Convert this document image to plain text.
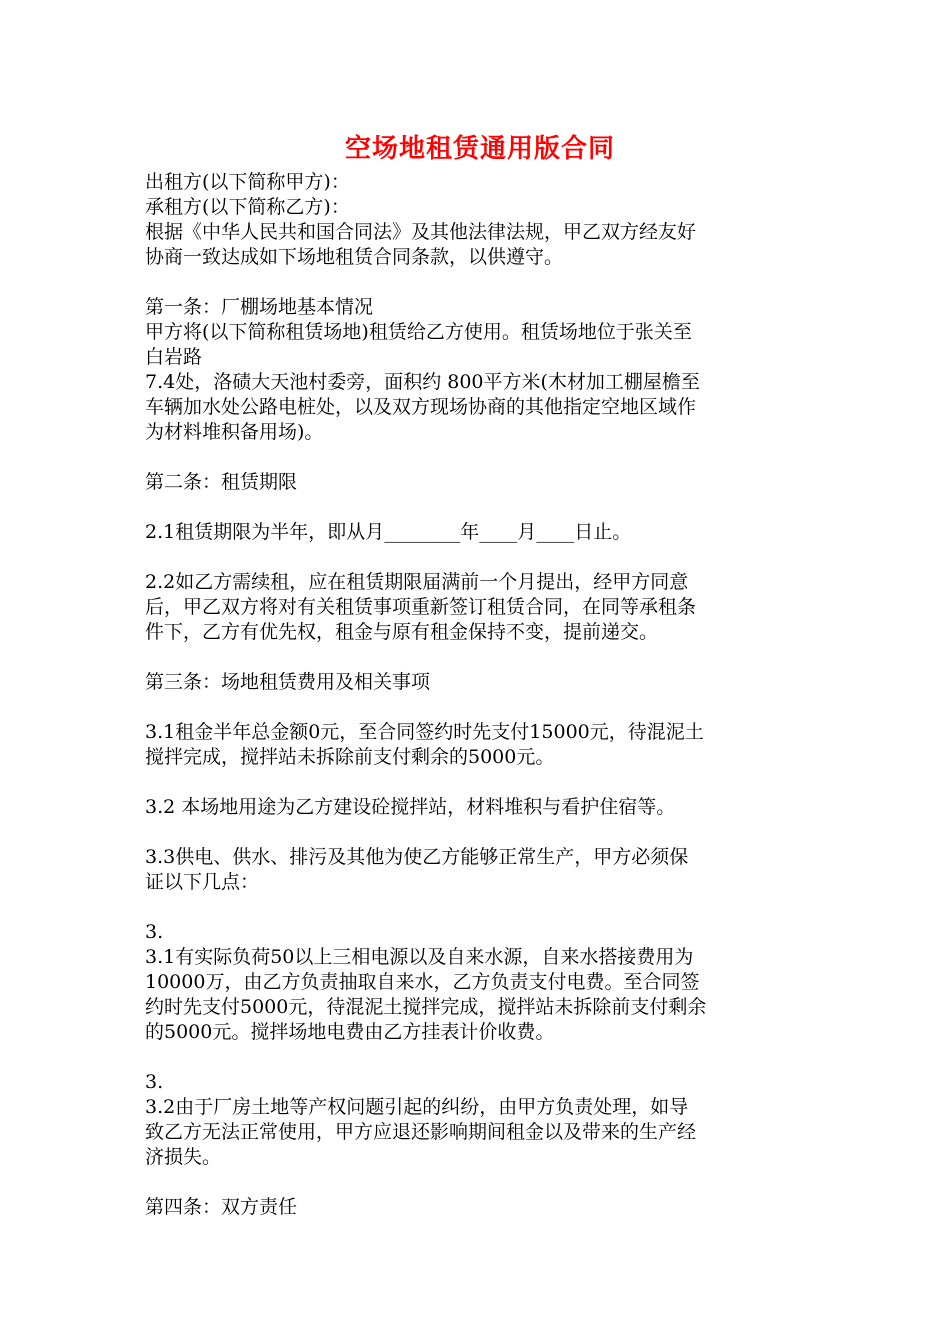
空场地租赁通用版合同
出租方(以下简称甲方)：
承租方(以下简称乙方)：
根据《中华人民共和国合同法》及其他法律法规，甲乙双方经友好
协商一致达成如下场地租赁合同条款，以供遵守。
第一条：厂棚场地基本情况
甲方将(以下简称租赁场地)租赁给乙方使用。租赁场地位于张关至
白岩路
7.4处，洛碛大天池村委旁，面积约 800平方米(木材加工棚屋檐至
车辆加水处公路电桩处，以及双方现场协商的其他指定空地区域作
为材料堆积备用场)。
第二条：租赁期限
2.1租赁期限为半年，即从月________年____月____日止。
2.2如乙方需续租，应在租赁期限届满前一个月提出，经甲方同意
后，甲乙双方将对有关租赁事项重新签订租赁合同，在同等承租条
件下，乙方有优先权，租金与原有租金保持不变，提前递交。
第三条：场地租赁费用及相关事项
3.1租金半年总金额0元，至合同签约时先支付15000元，待混泥土
搅拌完成，搅拌站未拆除前支付剩余的5000元。
3.2 本场地用途为乙方建设砼搅拌站，材料堆积与看护住宿等。
3.3供电、供水、排污及其他为使乙方能够正常生产，甲方必须保
证以下几点：
3.
3.1有实际负荷50以上三相电源以及自来水源，自来水搭接费用为
10000万，由乙方负责抽取自来水，乙方负责支付电费。至合同签
约时先支付5000元，待混泥土搅拌完成，搅拌站未拆除前支付剩余
的5000元。搅拌场地电费由乙方挂表计价收费。
3.
3.2由于厂房土地等产权问题引起的纠纷，由甲方负责处理，如导
致乙方无法正常使用，甲方应退还影响期间租金以及带来的生产经
济损失。
第四条：双方责任
